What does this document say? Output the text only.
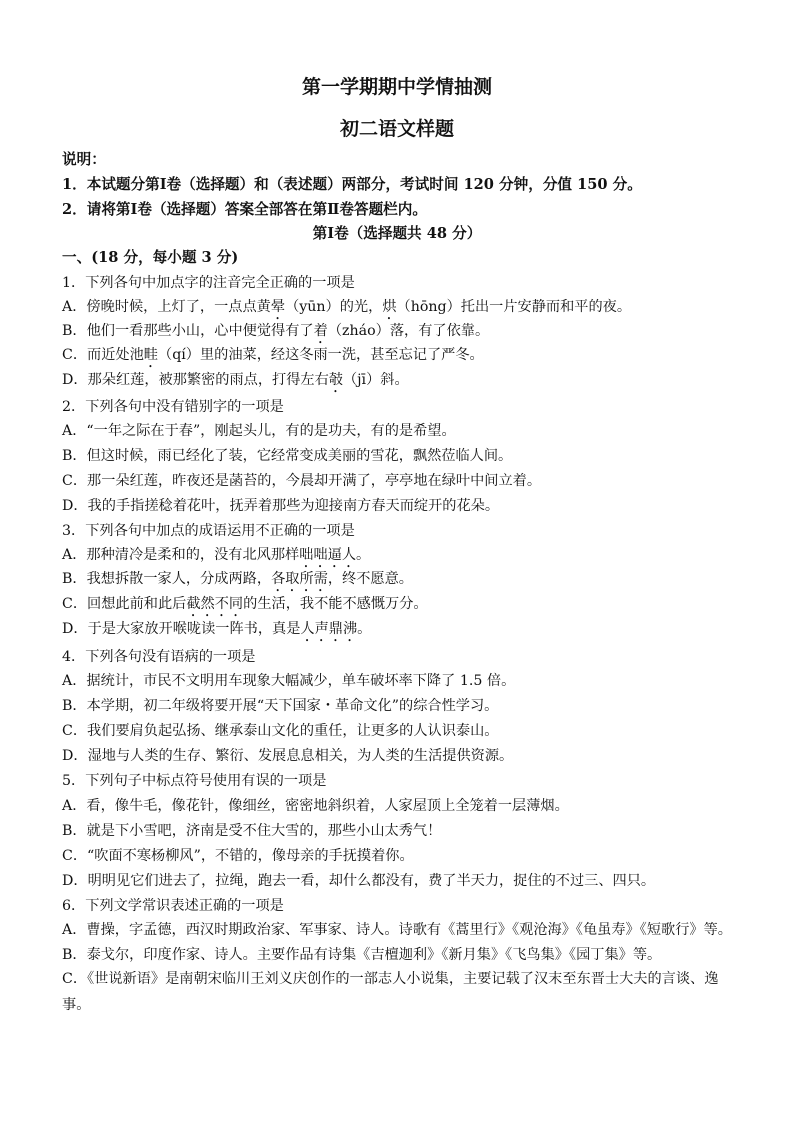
第一学期期中学情抽测
初二语文样题
说明：
1．本试题分第Ⅰ卷（选择题）和（表述题）两部分，考试时间 120 分钟，分值 150 分。
2．请将第Ⅰ卷（选择题）答案全部答在第Ⅱ卷答题栏内。
第Ⅰ卷（选择题共 48 分）
一、(18 分，每小题 3 分)
1．下列各句中加点字的注音完全正确的一项是
A．傍晚时候，上灯了，一点点黄晕（yūn）的光，烘（hōng）托出一片安静而和平的夜。
B．他们一看那些小山，心中便觉得有了着（zháo）落，有了依靠。
C．而近处池畦（qí）里的油菜，经这冬雨一洗，甚至忘记了严冬。
D．那朵红莲，被那繁密的雨点，打得左右攲（jī）斜。
2．下列各句中没有错别字的一项是
A．“一年之际在于春”，刚起头儿，有的是功夫，有的是希望。
B．但这时候，雨已经化了装，它经常变成美丽的雪花，飘然莅临人间。
C．那一朵红莲，昨夜还是菡苔的，今晨却开满了，亭亭地在绿叶中间立着。
D．我的手指搓稔着花叶，抚弄着那些为迎接南方春天而绽开的花朵。
3．下列各句中加点的成语运用不正确的一项是
A．那种清冷是柔和的，没有北风那样咄咄逼人。
B．我想拆散一家人，分成两路，各取所需，终不愿意。
C．回想此前和此后截然不同的生活，我不能不感慨万分。
D．于是大家放开喉咙读一阵书，真是人声鼎沸。
4．下列各句没有语病的一项是
A．据统计，市民不文明用车现象大幅减少，单车破坏率下降了 1.5 倍。
B．本学期，初二年级将要开展“天下国家・革命文化”的综合性学习。
C．我们要肩负起弘扬、继承泰山文化的重任，让更多的人认识泰山。
D．湿地与人类的生存、繁衍、发展息息相关，为人类的生活提供资源。
5．下列句子中标点符号使用有误的一项是
A．看，像牛毛，像花针，像细丝，密密地斜织着，人家屋顶上全笼着一层薄烟。
B．就是下小雪吧，济南是受不住大雪的，那些小山太秀气！
C．“吹面不寒杨柳风”，不错的，像母亲的手抚摸着你。
D．明明见它们进去了，拉绳，跑去一看，却什么都没有，费了半天力，捉住的不过三、四只。
6．下列文学常识表述正确的一项是
A．曹操，字孟德，西汉时期政治家、军事家、诗人。诗歌有《蒿里行》《观沧海》《龟虽寿》《短歌行》等。
B．泰戈尔，印度作家、诗人。主要作品有诗集《吉檀迦利》《新月集》《飞鸟集》《园丁集》等。
C．《世说新语》是南朝宋临川王刘义庆创作的一部志人小说集，主要记载了汉末至东晋士大夫的言谈、逸事。
